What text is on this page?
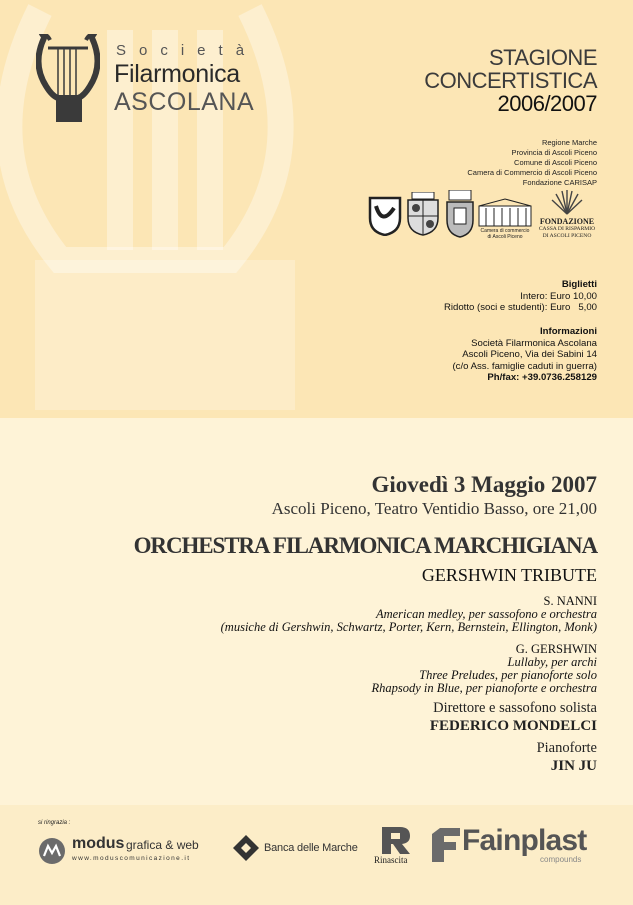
Società
Filarmonica
ASCOLANA
STAGIONE
CONCERTISTICA
2006/2007
Regione Marche
Provincia di Ascoli Piceno
Comune di Ascoli Piceno
Camera di Commercio di Ascoli Piceno
Fondazione CARISAP
Camera di commercio
di Ascoli Piceno
FONDAZIONE
CASSA DI RISPARMIO
DI ASCOLI PICENO
Biglietti
Intero: Euro 10,00
Ridotto (soci e studenti): Euro   5,00
Informazioni
Società Filarmonica Ascolana
Ascoli Piceno, Via dei Sabini 14
(c/o Ass. famiglie caduti in guerra)
Ph/fax: +39.0736.258129
Giovedì 3 Maggio 2007
Ascoli Piceno, Teatro Ventidio Basso, ore 21,00
ORCHESTRA FILARMONICA MARCHIGIANA
GERSHWIN TRIBUTE
S. NANNI
American medley, per sassofono e orchestra
(musiche di Gershwin, Schwartz, Porter, Kern, Bernstein, Ellington, Monk)
G. GERSHWIN
Lullaby, per archi
Three Preludes, per pianoforte solo
Rhapsody in Blue, per pianoforte e orchestra
Direttore e sassofono solista
FEDERICO MONDELCI
Pianoforte
JIN JU
si ringrazia :
modus grafica & web
www.moduscomunicazione.it
Banca delle Marche
Rinascita
Fainplast
compounds
